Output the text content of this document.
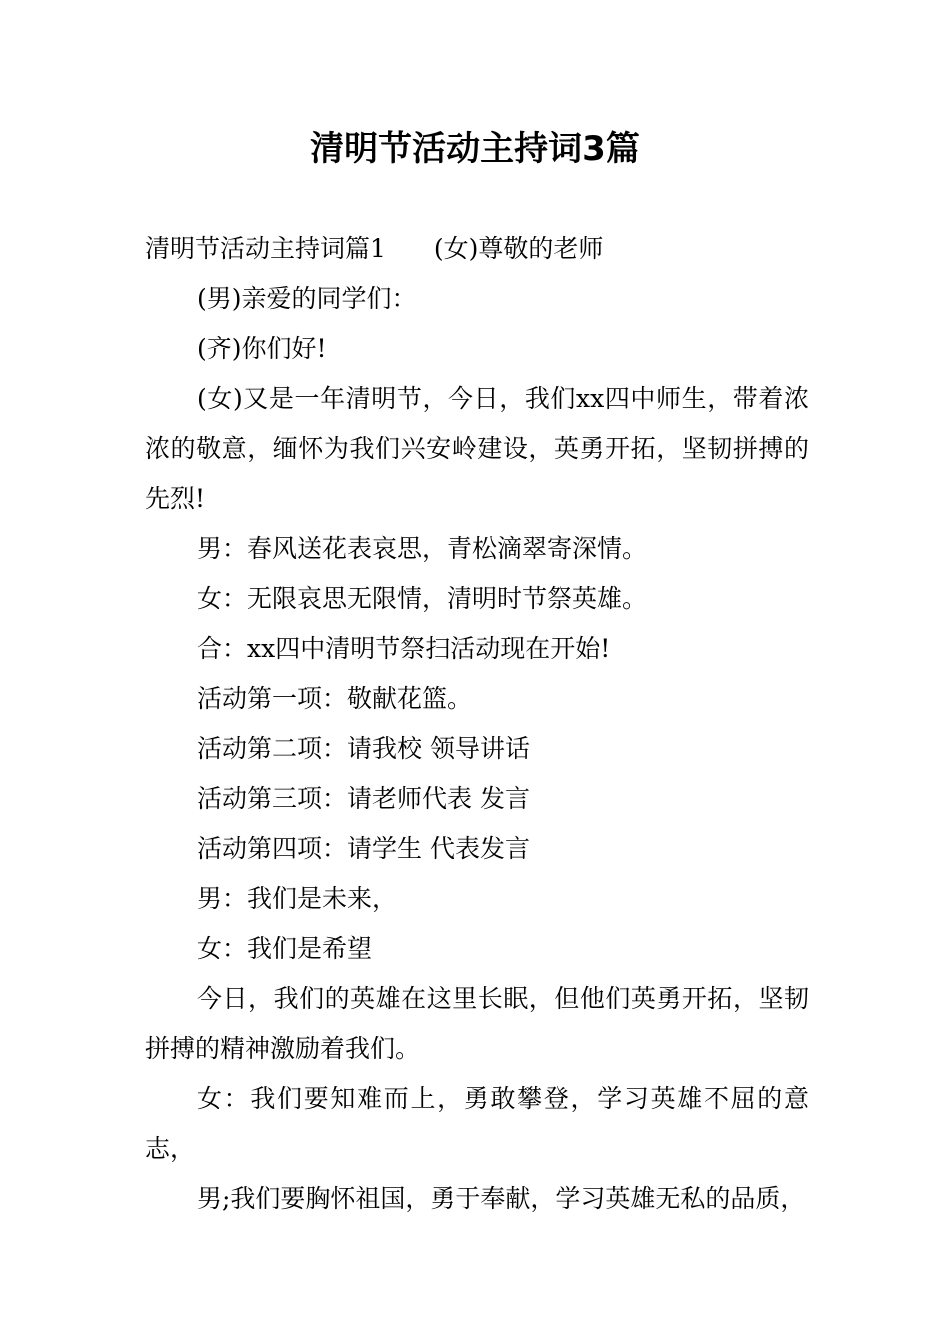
清明节活动主持词3篇

清明节活动主持词篇1 (女)尊敬的老师

(男)亲爱的同学们：

(齐)你们好!

(女)又是一年清明节，今日，我们xx四中师生，带着浓浓的敬意，缅怀为我们兴安岭建设，英勇开拓，坚韧拼搏的先烈!

男：春风送花表哀思，青松滴翠寄深情。

女：无限哀思无限情，清明时节祭英雄。

合：xx四中清明节祭扫活动现在开始!

活动第一项：敬献花篮。

活动第二项：请我校 领导讲话

活动第三项：请老师代表 发言

活动第四项：请学生 代表发言

男：我们是未来，

女：我们是希望

今日，我们的英雄在这里长眠，但他们英勇开拓，坚韧拼搏的精神激励着我们。

女：我们要知难而上，勇敢攀登，学习英雄不屈的意志，

男;我们要胸怀祖国，勇于奉献，学习英雄无私的品质，
